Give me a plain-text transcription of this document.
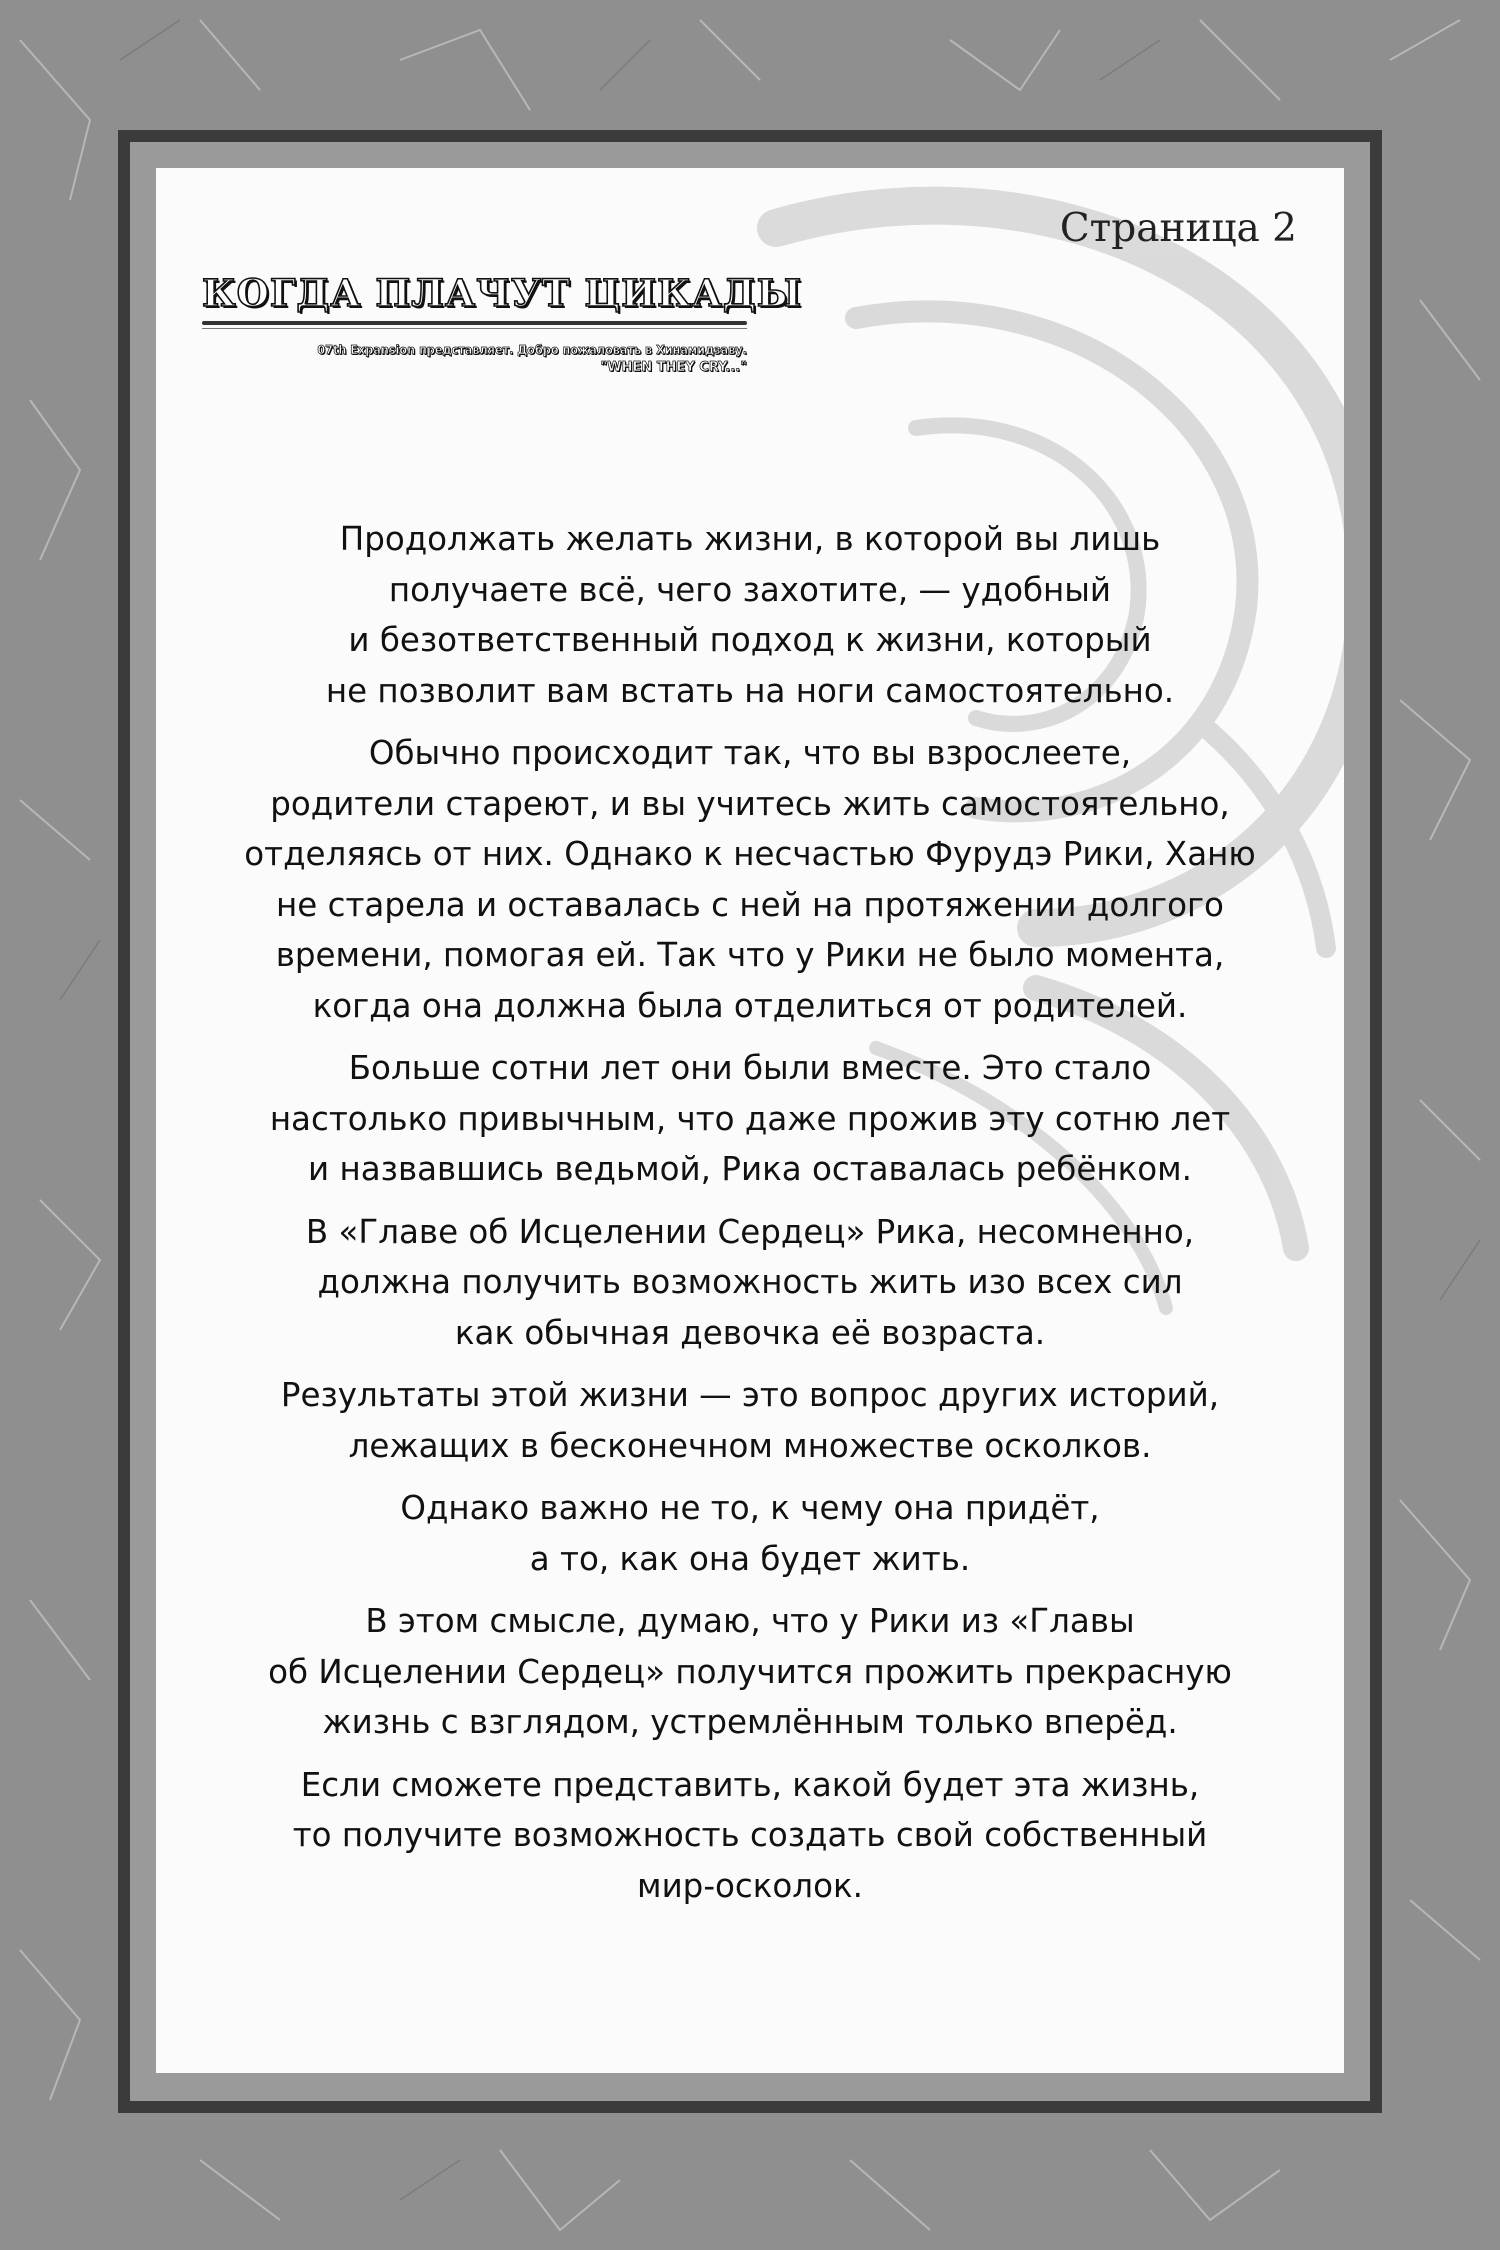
Страница 2
КОГДА ПЛАЧУТ ЦИКАДЫ
07th Expansion представляет. Добро пожаловать в Хинамидзаву.
"WHEN THEY CRY..."

Продолжать желать жизни, в которой вы лишь
получаете всё, чего захотите, — удобный
и безответственный подход к жизни, который
не позволит вам встать на ноги самостоятельно.

Обычно происходит так, что вы взрослеете,
родители стареют, и вы учитесь жить самостоятельно,
отделяясь от них. Однако к несчастью Фурудэ Рики, Ханю
не старела и оставалась с ней на протяжении долгого
времени, помогая ей. Так что у Рики не было момента,
когда она должна была отделиться от родителей.

Больше сотни лет они были вместе. Это стало
настолько привычным, что даже прожив эту сотню лет
и назвавшись ведьмой, Рика оставалась ребёнком.

В «Главе об Исцелении Сердец» Рика, несомненно,
должна получить возможность жить изо всех сил
как обычная девочка её возраста.

Результаты этой жизни — это вопрос других историй,
лежащих в бесконечном множестве осколков.

Однако важно не то, к чему она придёт,
а то, как она будет жить.

В этом смысле, думаю, что у Рики из «Главы
об Исцелении Сердец» получится прожить прекрасную
жизнь с взглядом, устремлённым только вперёд.

Если сможете представить, какой будет эта жизнь,
то получите возможность создать свой собственный
мир-осколок.
